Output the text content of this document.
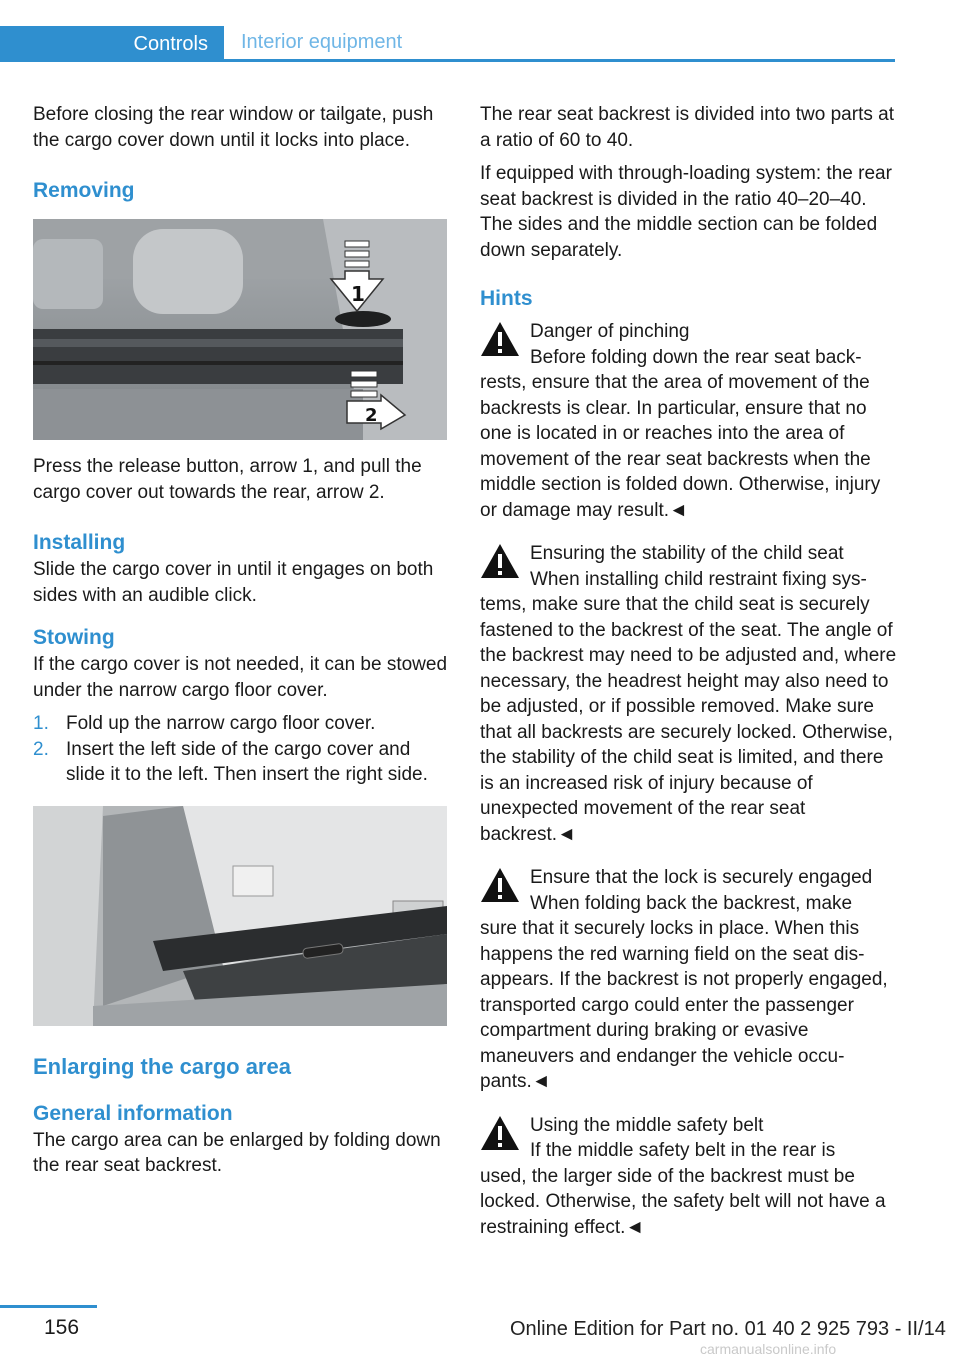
Controls	Interior equipment

Before closing the rear window or tailgate, push the cargo cover down until it locks into place.

Removing
1
2

Press the release button, arrow 1, and pull the cargo cover out towards the rear, arrow 2.

Installing

Slide the cargo cover in until it engages on both sides with an audible click.

Stowing

If the cargo cover is not needed, it can be stowed under the narrow cargo floor cover.

1. Fold up the narrow cargo floor cover.
2. Insert the left side of the cargo cover and slide it to the left. Then insert the right side.
Enlarging the cargo area
General information

The cargo area can be enlarged by folding down the rear seat backrest.

The rear seat backrest is divided into two parts at a ratio of 60 to 40.

If equipped with through-loading system: the rear seat backrest is divided in the ratio 40–20–40. The sides and the middle section can be folded down separately.

Hints
Danger of pinching
Before folding down the rear seat back-
rests, ensure that the area of movement of the backrests is clear. In particular, ensure that no one is located in or reaches into the area of movement of the rear seat backrests when the middle section is folded down. Otherwise, injury or damage may result.◄
Ensuring the stability of the child seat
When installing child restraint fixing sys-
tems, make sure that the child seat is securely fastened to the backrest of the seat. The angle of the backrest may need to be adjusted and, where necessary, the headrest height may also need to be adjusted, or if possible removed. Make sure that all backrests are securely locked. Otherwise, the stability of the child seat is limited, and there is an increased risk of injury because of unexpected movement of the rear seat backrest.◄
Ensure that the lock is securely engaged
When folding back the backrest, make
sure that it securely locks in place. When this happens the red warning field on the seat disappears. If the backrest is not properly engaged, transported cargo could enter the passenger compartment during braking or evasive maneuvers and endanger the vehicle occupants.◄
Using the middle safety belt
If the middle safety belt in the rear is
used, the larger side of the backrest must be locked. Otherwise, the safety belt will not have a restraining effect.◄
156	Online Edition for Part no. 01 40 2 925 793 - II/14
carmanualsonline.info
